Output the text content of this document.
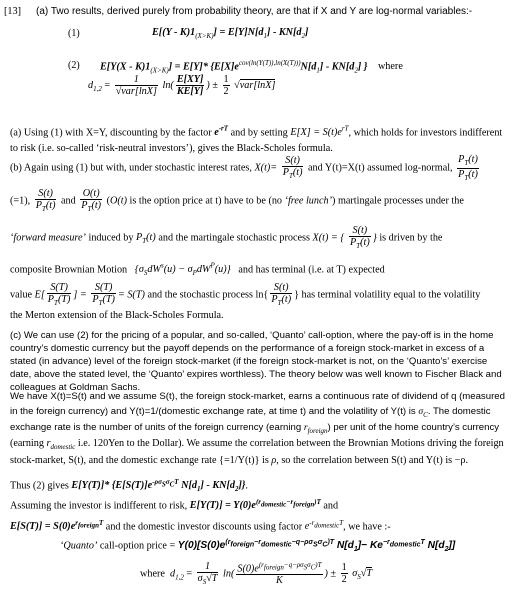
[13] (a) Two results, derived purely from probability theory, are that if X and Y are log-normal variables:-
(1)	$E[(Y - K)1_{(X>K)}] = E[Y]N[d_1] - KN[d_2]$
(2) $E[Y(X - K)1_{(X>K)}] = E[Y]*$ {$E[X]e^{cov(ln(Y(T)),ln(X(T)))}N[d_1] - KN[d_2]$ } where
$d_{1,2} = \frac{1}{\text{√var[lnX]}} \ln( \frac{E[XY]}{KE[Y]}$ ) ± $\frac{1}{2} √var[\ln X]$
(a) Using (1) with X=Y, discounting by the factor $e^{-rT}$ and by setting $E[X] = S(t)e^{rT}$, which holds for investors indifferent to risk (i.e. so-called ‘risk-neutral investors’), gives the Black-Scholes formula.
(b) Again using (1) but with, under stochastic interest rates, $X(t)= \frac{S(t)}{P_T(t)}$ and Y(t)=X(t) assumed log-normal, $\frac{P_T(t)}{P_T(t)}$
(=1), $\frac{S(t)}{P_T(t)}$ and $\frac{O(t)}{P_T(t)} (O(t)$ is the option price at t) have to be (no ‘free lunch’) martingale processes under the
‘forward measure’ induced by $P_T(t)$ and the martingale stochastic process X(t) = { $\frac{S(t)}{P_T(t)}$ } is driven by the
composite Brownian Motion   $\{\sigma_SdW^s(u) - \sigma_PdW^P(u)\}$   and has terminal (i.e. at T) expected
value $E[ \frac{S(T)}{P_T(T)}$ ] = $\frac{S(T)}{P_T(T)} = S(T)$ and the stochastic process $\ln\{ \frac{S(t)}{P_T(t)}$ } has terminal volatility equal to the volatility
the Merton extension of the Black-Scholes Formula.
(c) We can use (2) for the pricing of a popular, and so-called, ‘Quanto’ call-option, where the pay-off is in the home country’s domestic currency but the payoff depends on the performance of a foreign stock-market in excess of a stated (in advance) level of the foreign stock-market (if the foreign stock-market is not, on the ‘Quanto’s’ exercise date, above the stated level, the ‘Quanto’ expires worthless). The theory below was well known to Fischer Black and colleagues at Goldman Sachs.
We have X(t)=S(t) and we assume S(t), the foreign stock-market, earns a continuous rate of dividend of q (measured in the foreign currency) and Y(t)=1/(domestic exchange rate, at time t) and the volatility of Y(t) is $\sigma_C$. The domestic exchange rate is the number of units of the foreign currency (earning $r_{foreign}$) per unit of the home country’s currency
(earning $r_{domestic}$ i.e. 120Yen to the Dollar). We assume the correlation between the Brownian Motions driving the foreign stock-market, S(t), and the domestic exchange rate {=1/Y(t)} is ρ, so the correlation between S(t) and Y(t) is −ρ.
Thus (2) gives E[Y(T)]* {$E[S(T)]e^{-\rho\sigma_S\sigma_CT}$ $N[d_1] - KN[d_2]$}.
Assuming the investor is indifferent to risk, $E[Y(T)] = Y(0)e^{(r_{domestic}-r_{foreign})T}$ and
$E[S(T)] = S(0)e^{r_{foreign}T}$ and the domestic investor discounts using factor $e^{-r_{domestic}T}$, we have :-
‘Quanto’ call-option price = $Y(0)[S(0)e^{(r_{foreign}-r_{domestic}-q-\rho\sigma_S\sigma_C)T}$ $N[d_1]- Ke^{-r_{domestic}T}$ $N[d_2]$]
where $d_{1,2} = \frac{1}{\sigma_S√T} \ln( \frac{S(0)e^{(r_{foreign}-q-\rho\sigma_S\sigma_C)T}}{K}$ ) ± $\frac{1}{2} \sigma_S√T$
